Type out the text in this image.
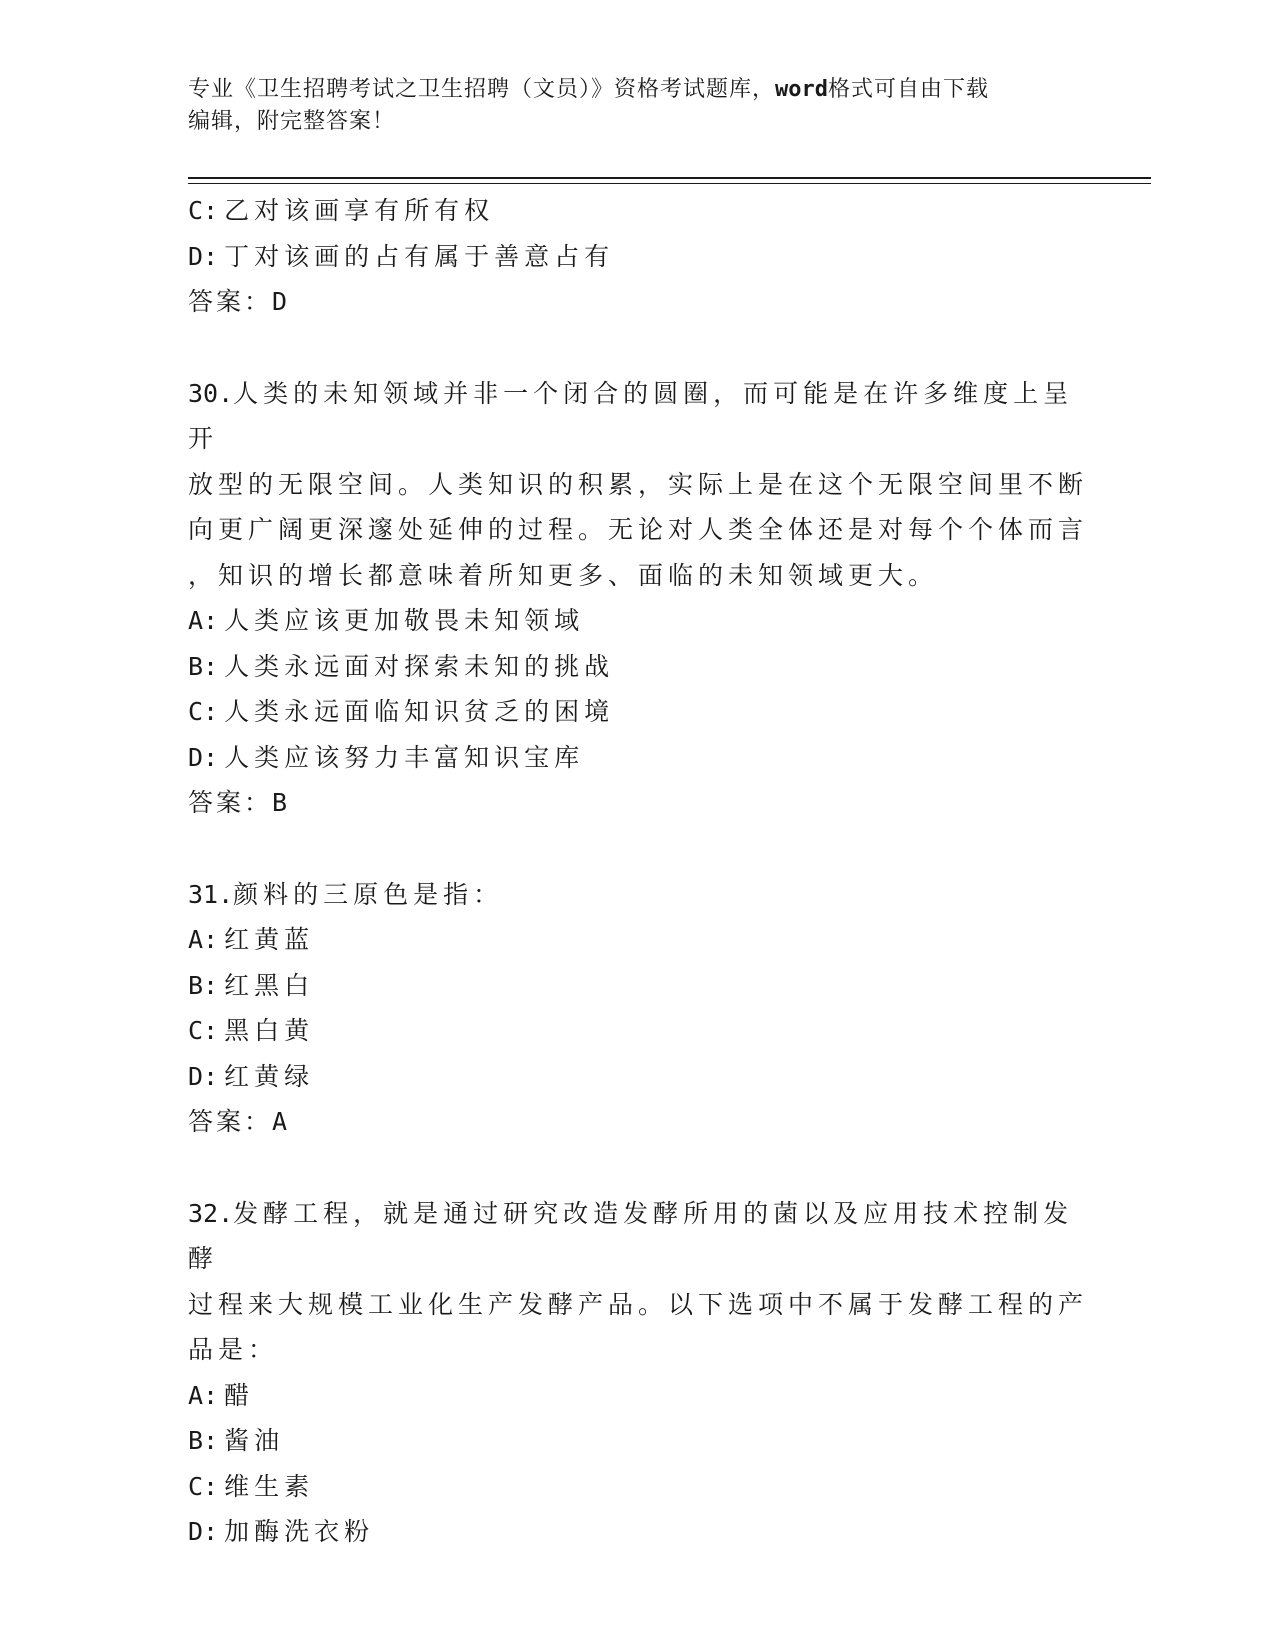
专业《卫生招聘考试之卫生招聘（文员）》资格考试题库，word格式可自由下载
编辑，附完整答案！
C: 乙对该画享有所有权
D: 丁对该画的占有属于善意占有
答案：D
30.人类的未知领域并非一个闭合的圆圈，而可能是在许多维度上呈开
放型的无限空间。人类知识的积累，实际上是在这个无限空间里不断
向更广阔更深邃处延伸的过程。无论对人类全体还是对每个个体而言
，知识的增长都意味着所知更多、面临的未知领域更大。
A: 人类应该更加敬畏未知领域
B: 人类永远面对探索未知的挑战
C: 人类永远面临知识贫乏的困境
D: 人类应该努力丰富知识宝库
答案：B
31.颜料的三原色是指：
A: 红黄蓝
B: 红黑白
C: 黑白黄
D: 红黄绿
答案：A
32.发酵工程，就是通过研究改造发酵所用的菌以及应用技术控制发酵
过程来大规模工业化生产发酵产品。以下选项中不属于发酵工程的产
品是：
A: 醋
B: 酱油
C: 维生素
D: 加酶洗衣粉
